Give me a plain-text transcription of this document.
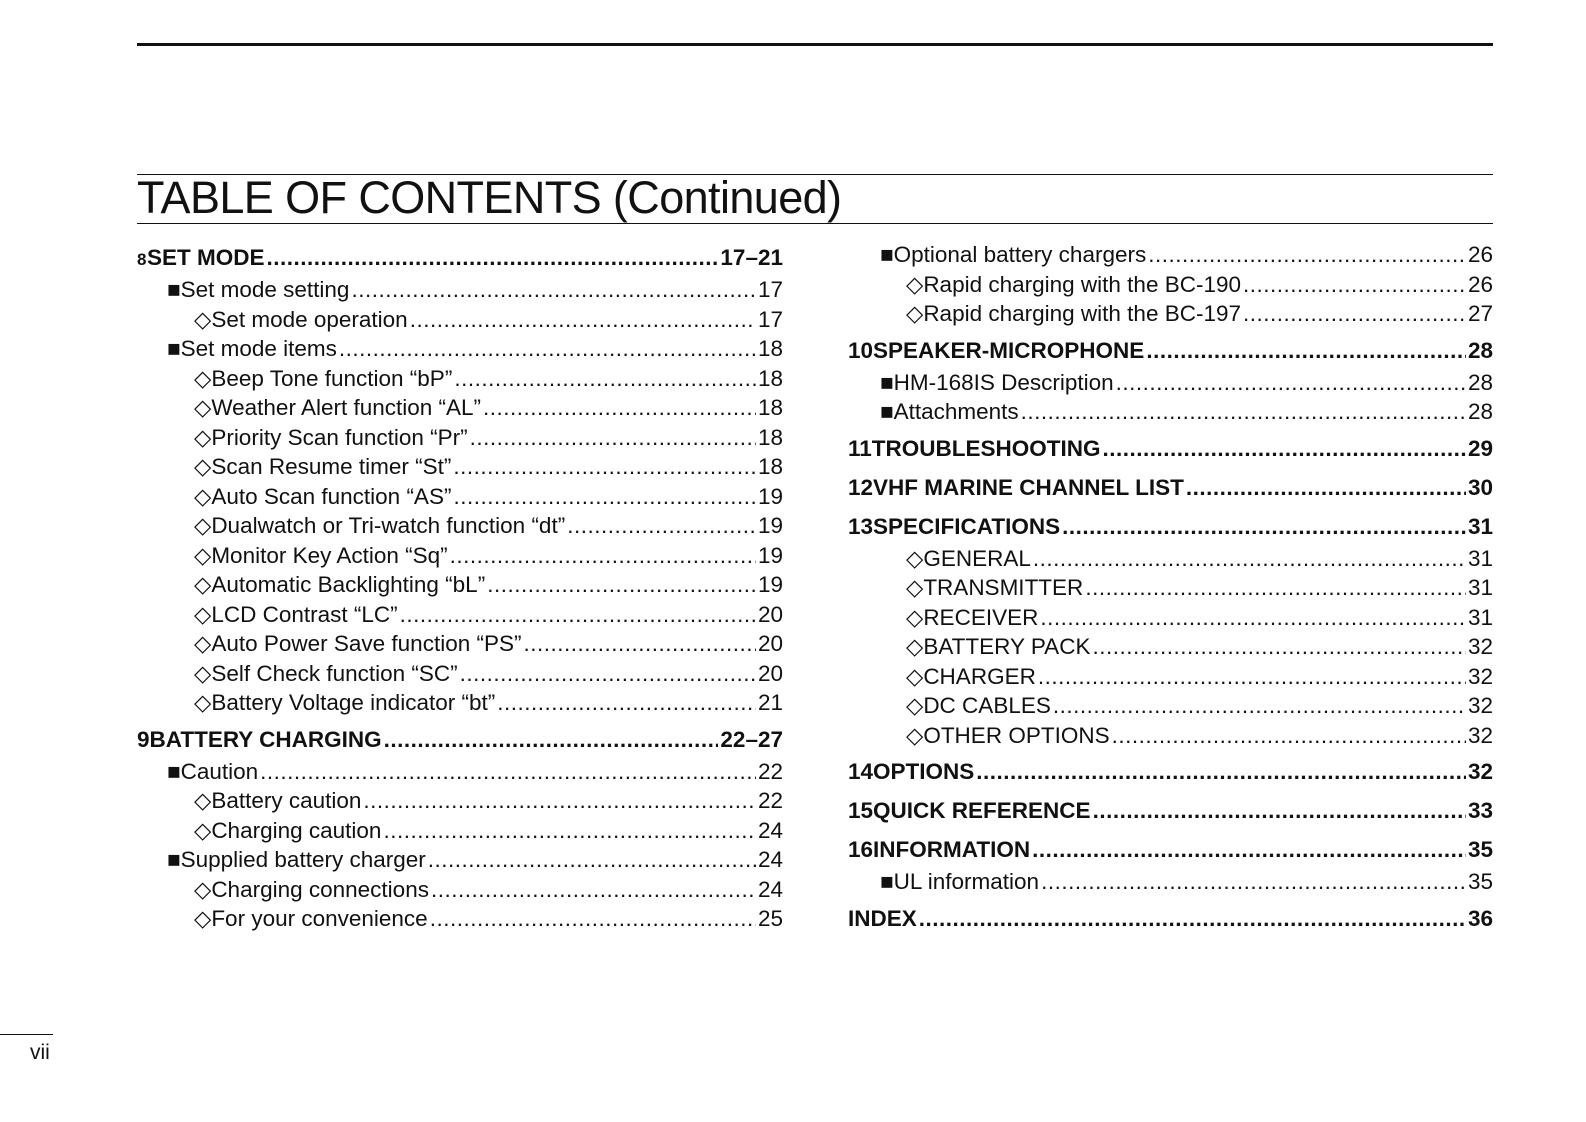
TABLE OF CONTENTS (Continued)
8 SET MODE .....	17–21
■ Set mode setting .....	17
◇ Set mode operation .....	17
■ Set mode items .....	18
◇ Beep Tone function “bP” .....	18
◇ Weather Alert function “AL” .....	18
◇ Priority Scan function “Pr” .....	18
◇ Scan Resume timer “St” .....	18
◇ Auto Scan function “AS” .....	19
◇ Dualwatch or Tri-watch function “dt” .....	19
◇ Monitor Key Action “Sq” .....	19
◇ Automatic Backlighting “bL” .....	19
◇ LCD Contrast “LC” .....	20
◇ Auto Power Save function “PS” .....	20
◇ Self Check function “SC” .....	20
◇ Battery Voltage indicator “bt” .....	21
9 BATTERY CHARGING .....	22–27
■ Caution .....	22
◇ Battery caution .....	22
◇ Charging caution .....	24
■ Supplied battery charger .....	24
◇ Charging connections .....	24
◇ For your convenience .....	25
■ Optional battery chargers .....	26
◇ Rapid charging with the BC-190 .....	26
◇ Rapid charging with the BC-197 .....	27
10 SPEAKER-MICROPHONE .....	28
■ HM-168IS Description .....	28
■ Attachments .....	28
11 TROUBLESHOOTING .....	29
12 VHF MARINE CHANNEL LIST .....	30
13 SPECIFICATIONS .....	31
◇ GENERAL .....	31
◇ TRANSMITTER .....	31
◇ RECEIVER .....	31
◇ BATTERY PACK .....	32
◇ CHARGER .....	32
◇ DC CABLES .....	32
◇ OTHER OPTIONS .....	32
14 OPTIONS .....	32
15 QUICK REFERENCE .....	33
16 INFORMATION .....	35
■ UL information .....	35
INDEX .....	36
vii
